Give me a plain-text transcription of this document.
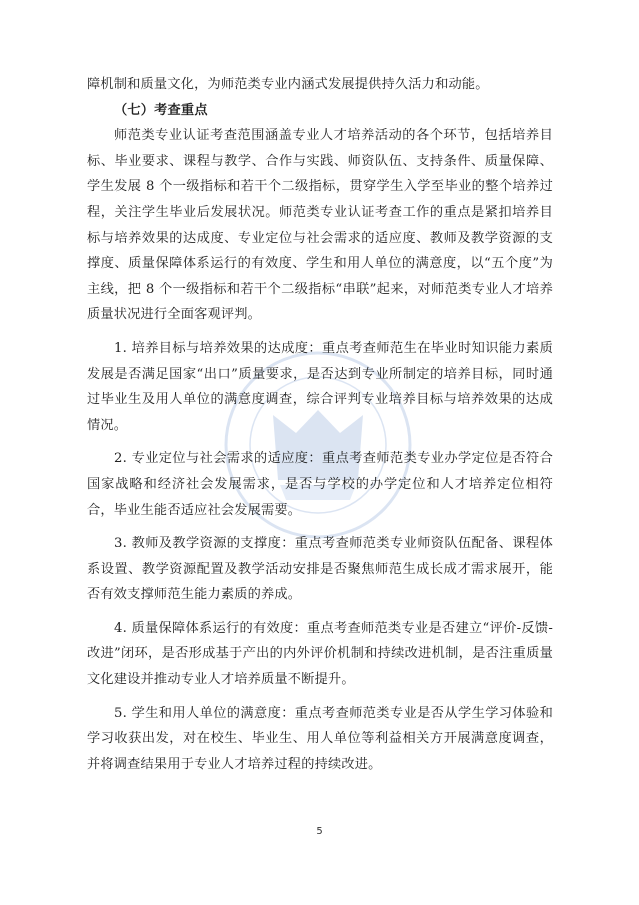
障机制和质量文化，为师范类专业内涵式发展提供持久活力和动能。

（七）考查重点

师范类专业认证考查范围涵盖专业人才培养活动的各个环节，包括培养目标、毕业要求、课程与教学、合作与实践、师资队伍、支持条件、质量保障、学生发展 8 个一级指标和若干个二级指标，贯穿学生入学至毕业的整个培养过程，关注学生毕业后发展状况。师范类专业认证考查工作的重点是紧扣培养目标与培养效果的达成度、专业定位与社会需求的适应度、教师及教学资源的支撑度、质量保障体系运行的有效度、学生和用人单位的满意度，以“五个度”为主线，把 8 个一级指标和若干个二级指标“串联”起来，对师范类专业人才培养质量状况进行全面客观评判。

1. 培养目标与培养效果的达成度：重点考查师范生在毕业时知识能力素质发展是否满足国家“出口”质量要求，是否达到专业所制定的培养目标，同时通过毕业生及用人单位的满意度调查，综合评判专业培养目标与培养效果的达成情况。

2. 专业定位与社会需求的适应度：重点考查师范类专业办学定位是否符合国家战略和经济社会发展需求，是否与学校的办学定位和人才培养定位相符合，毕业生能否适应社会发展需要。

3. 教师及教学资源的支撑度：重点考查师范类专业师资队伍配备、课程体系设置、教学资源配置及教学活动安排是否聚焦师范生成长成才需求展开，能否有效支撑师范生能力素质的养成。

4. 质量保障体系运行的有效度：重点考查师范类专业是否建立“评价-反馈-改进”闭环，是否形成基于产出的内外评价机制和持续改进机制，是否注重质量文化建设并推动专业人才培养质量不断提升。

5. 学生和用人单位的满意度：重点考查师范类专业是否从学生学习体验和学习收获出发，对在校生、毕业生、用人单位等利益相关方开展满意度调查，并将调查结果用于专业人才培养过程的持续改进。

5
